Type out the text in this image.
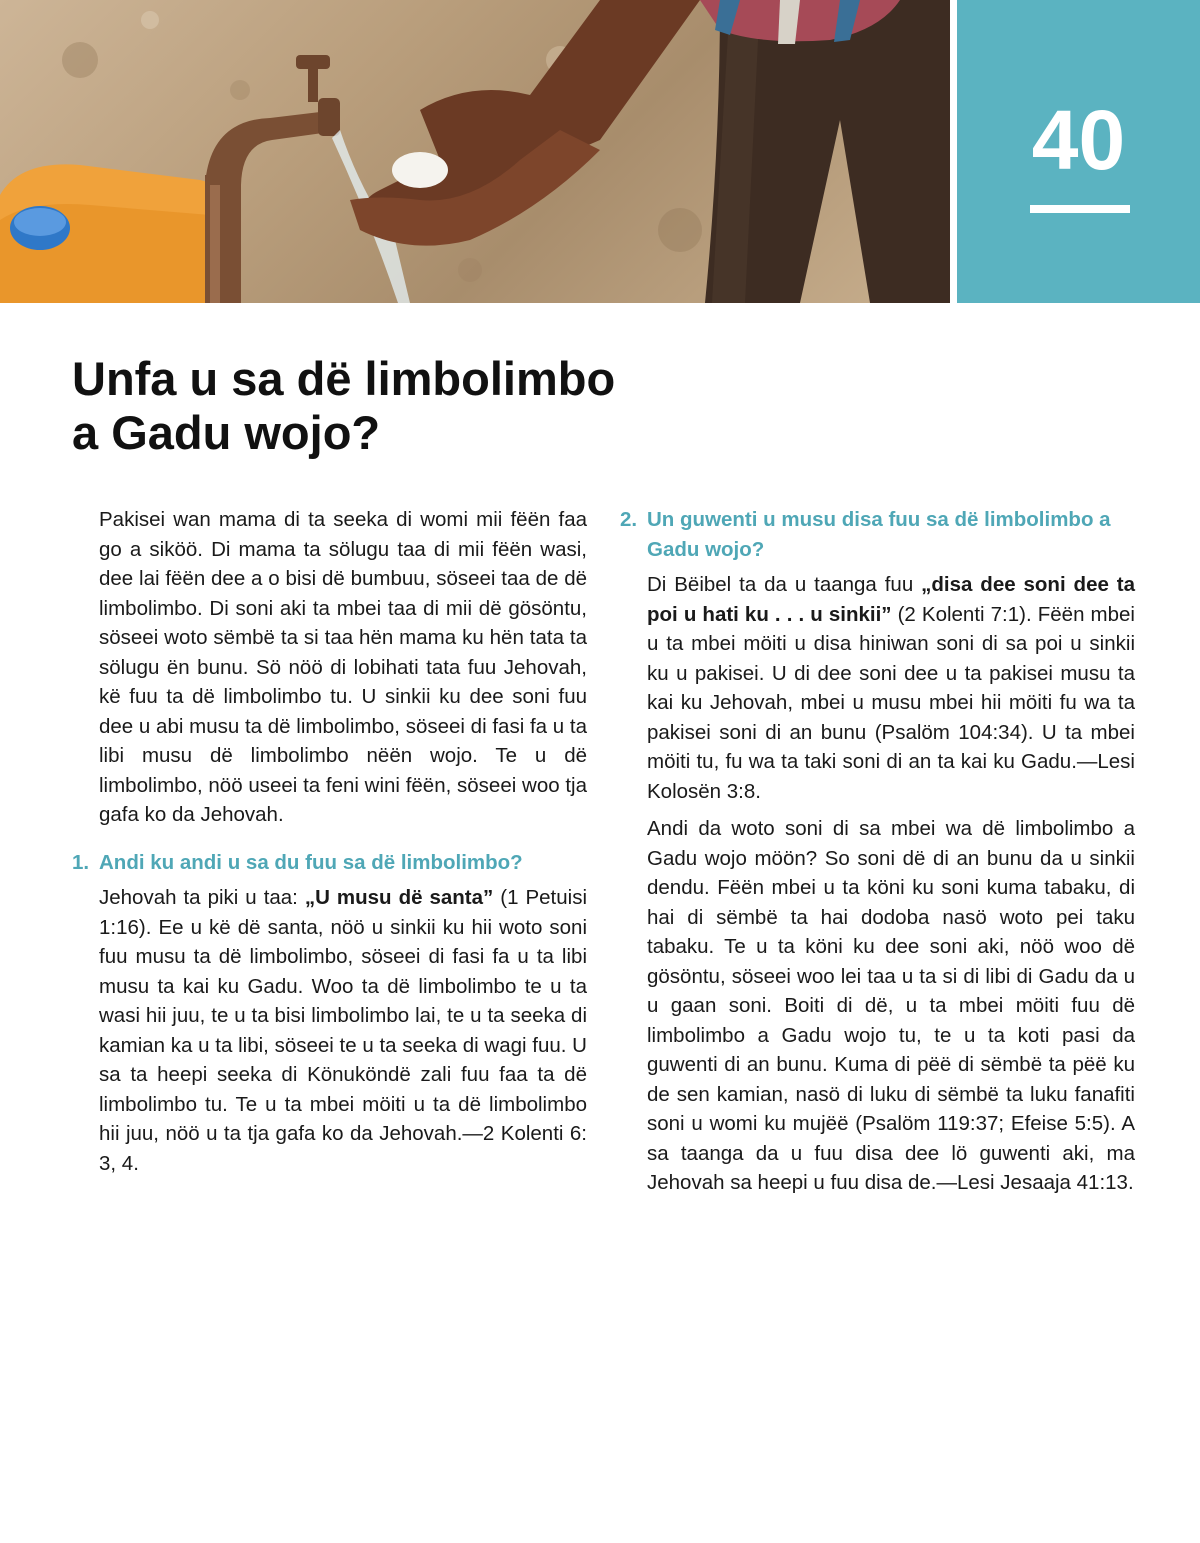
40
Unfa u sa dë limbolimbo
a Gadu wojo?

Pakisei wan mama di ta seeka di womi mii fëën faa go a siköö. Di mama ta sölugu taa di mii fëën wasi, dee lai fëën dee a o bisi dë bumbuu, söseei taa de dë limbolimbo. Di soni aki ta mbei taa di mii dë gösöntu, söseei woto sëmbë ta si taa hën mama ku hën tata ta sölugu ën bunu. Sö nöö di lobihati tata fuu Jehovah, kë fuu ta dë limbolimbo tu. U sinkii ku dee soni fuu dee u abi musu ta dë limbolimbo, söseei di fasi fa u ta libi musu dë limbolimbo nëën wojo. Te u dë limbolimbo, nöö useei ta feni wini fëën, söseei woo tja gafa ko da Jehovah.

1. Andi ku andi u sa du fuu sa dë limbolimbo?

Jehovah ta piki u taa: „U musu dë santa” (1 Petuisi 1:16). Ee u kë dë santa, nöö u sinkii ku hii woto soni fuu musu ta dë limbolimbo, söseei di fasi fa u ta libi musu ta kai ku Gadu. Woo ta dë limbolimbo te u ta wasi hii juu, te u ta bisi limbolimbo lai, te u ta seeka di kamian ka u ta libi, söseei te u ta seeka di wagi fuu. U sa ta heepi seeka di Könuköndë zali fuu faa ta dë limbolimbo tu. Te u ta mbei möiti u ta dë limbolimbo hii juu, nöö u ta tja gafa ko da Jehovah.—2 Kolenti 6: 3, 4.

2. Un guwenti u musu disa fuu sa dë limbolimbo a Gadu wojo?

Di Bëibel ta da u taanga fuu „disa dee soni dee ta poi u hati ku . . . u sinkii” (2 Kolenti 7:1). Fëën mbei u ta mbei möiti u disa hiniwan soni di sa poi u sinkii ku u pakisei. U di dee soni dee u ta pakisei musu ta kai ku Jehovah, mbei u musu mbei hii möiti fu wa ta pakisei soni di an bunu (Psalöm 104:34). U ta mbei möiti tu, fu wa ta taki soni di an ta kai ku Gadu.—Lesi Kolosën 3:8.

Andi da woto soni di sa mbei wa dë limbolimbo a Gadu wojo möön? So soni dë di an bunu da u sinkii dendu. Fëën mbei u ta köni ku soni kuma tabaku, di hai di sëmbë ta hai dodoba nasö woto pei taku tabaku. Te u ta köni ku dee soni aki, nöö woo dë gösöntu, söseei woo lei taa u ta si di libi di Gadu da u u gaan soni. Boiti di dë, u ta mbei möiti fuu dë limbolimbo a Gadu wojo tu, te u ta koti pasi da guwenti di an bunu. Kuma di pëë di sëmbë ta pëë ku de sen kamian, nasö di luku di sëmbë ta luku fanafiti soni u womi ku mujëë (Psalöm 119:37; Efeise 5:5). A sa taanga da u fuu disa dee lö guwenti aki, ma Jehovah sa heepi u fuu disa de.—Lesi Jesaaja 41:13.
